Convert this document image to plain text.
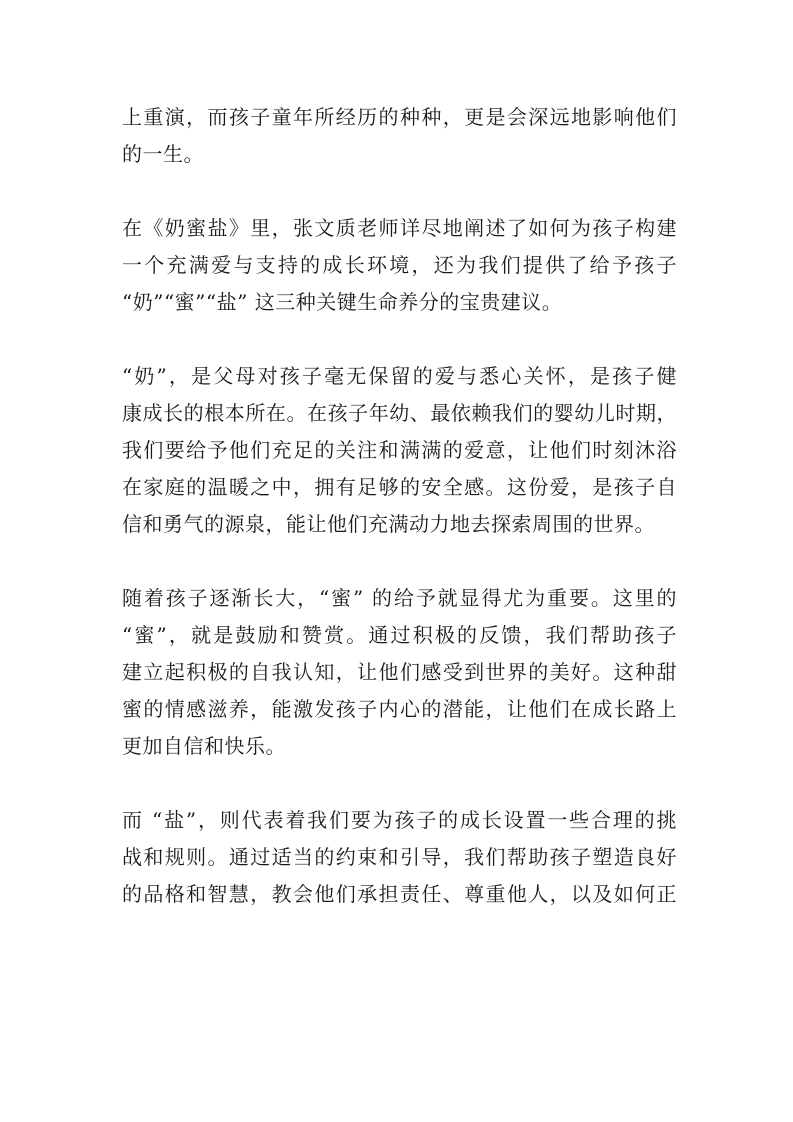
上重演，而孩子童年所经历的种种，更是会深远地影响他们
的一生。

在《奶蜜盐》里，张文质老师详尽地阐述了如何为孩子构建
一个充满爱与支持的成长环境，还为我们提供了给予孩子
“奶”“蜜”“盐” 这三种关键生命养分的宝贵建议。

“奶”，是父母对孩子毫无保留的爱与悉心关怀，是孩子健
康成长的根本所在。在孩子年幼、最依赖我们的婴幼儿时期，
我们要给予他们充足的关注和满满的爱意，让他们时刻沐浴
在家庭的温暖之中，拥有足够的安全感。这份爱，是孩子自
信和勇气的源泉，能让他们充满动力地去探索周围的世界。

随着孩子逐渐长大，“蜜” 的给予就显得尤为重要。这里的
“蜜”，就是鼓励和赞赏。通过积极的反馈，我们帮助孩子
建立起积极的自我认知，让他们感受到世界的美好。这种甜
蜜的情感滋养，能激发孩子内心的潜能，让他们在成长路上
更加自信和快乐。

而 “盐”，则代表着我们要为孩子的成长设置一些合理的挑
战和规则。通过适当的约束和引导，我们帮助孩子塑造良好
的品格和智慧，教会他们承担责任、尊重他人，以及如何正
